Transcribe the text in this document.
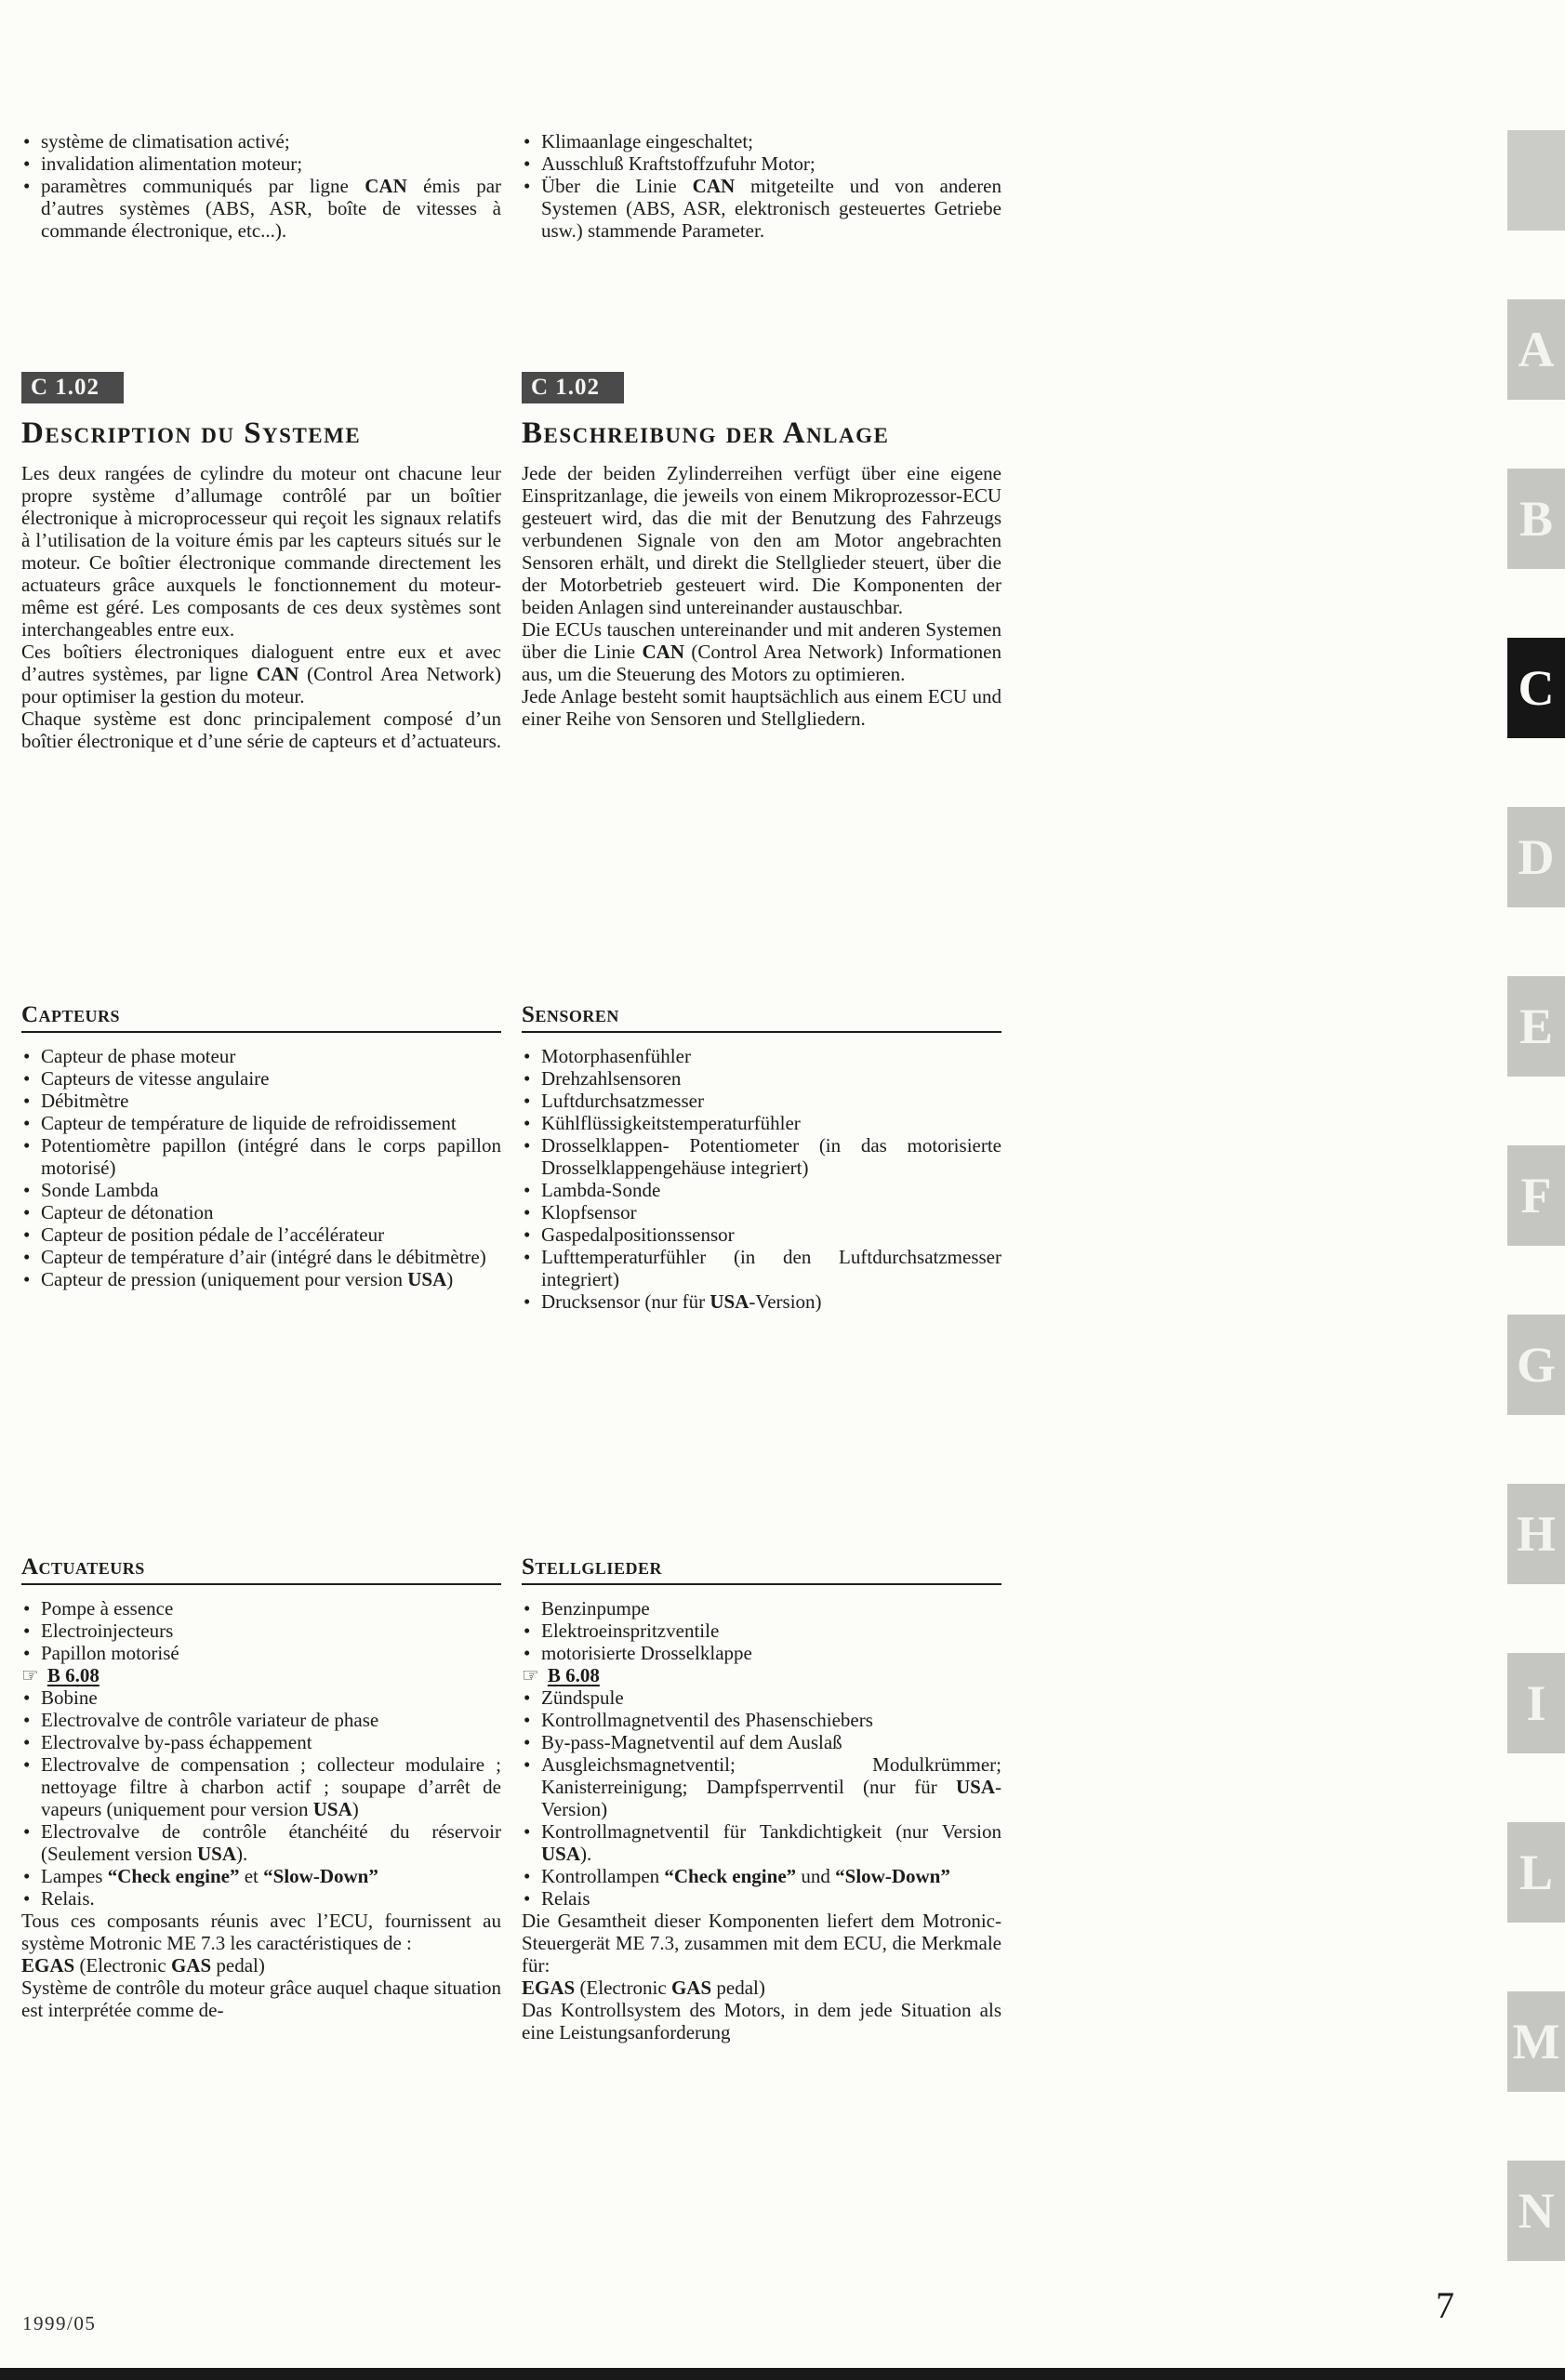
• système de climatisation activé;

• invalidation alimentation moteur;

• paramètres communiqués par ligne CAN émis par d’autres systèmes (ABS, ASR, boîte de vitesses à commande électronique, etc...).

• Klimaanlage eingeschaltet;

• Ausschluß Kraftstoffzufuhr Motor;

• Über die Linie CAN mitgeteilte und von anderen Systemen (ABS, ASR, elektronisch gesteuertes Getriebe usw.) stammende Parameter.

C 1.02
Description du Systeme

Les deux rangées de cylindre du moteur ont chacune leur propre système d’allumage contrôlé par un boîtier électronique à microprocesseur qui reçoit les signaux relatifs à l’utilisation de la voiture émis par les capteurs situés sur le moteur. Ce boîtier électronique commande directement les actuateurs grâce auxquels le fonctionnement du moteur-même est géré. Les composants de ces deux systèmes sont interchangeables entre eux.

Ces boîtiers électroniques dialoguent entre eux et avec d’autres systèmes, par ligne CAN (Control Area Network) pour optimiser la gestion du moteur.

Chaque système est donc principalement composé d’un boîtier électronique et d’une série de capteurs et d’actuateurs.

C 1.02
Beschreibung der Anlage

Jede der beiden Zylinderreihen verfügt über eine eigene Einspritzanlage, die jeweils von einem Mikroprozessor-ECU gesteuert wird, das die mit der Benutzung des Fahrzeugs verbundenen Signale von den am Motor angebrachten Sensoren erhält, und direkt die Stellglieder steuert, über die der Motorbetrieb gesteuert wird. Die Komponenten der beiden Anlagen sind untereinander austauschbar.

Die ECUs tauschen untereinander und mit anderen Systemen über die Linie CAN (Control Area Network) Informationen aus, um die Steuerung des Motors zu optimieren.

Jede Anlage besteht somit hauptsächlich aus einem ECU und einer Reihe von Sensoren und Stellgliedern.

Capteurs

• Capteur de phase moteur

• Capteurs de vitesse angulaire

• Débitmètre

• Capteur de température de liquide de refroidissement

• Potentiomètre papillon (intégré dans le corps papillon motorisé)

• Sonde Lambda

• Capteur de détonation

• Capteur de position pédale de l’accélérateur

• Capteur de température d’air (intégré dans le débitmètre)

• Capteur de pression (uniquement pour version USA)

Sensoren

• Motorphasenfühler

• Drehzahlsensoren

• Luftdurchsatzmesser

• Kühlflüssigkeitstemperaturfühler

• Drosselklappen- Potentiometer (in das motorisierte Drosselklappengehäuse integriert)

• Lambda-Sonde

• Klopfsensor

• Gaspedalpositionssensor

• Lufttemperaturfühler (in den Luftdurchsatzmesser integriert)

• Drucksensor (nur für USA-Version)

Actuateurs

• Pompe à essence

• Electroinjecteurs

• Papillon motorisé

☞ B 6.08

• Bobine

• Electrovalve de contrôle variateur de phase

• Electrovalve by-pass échappement

• Electrovalve de compensation ; collecteur modulaire ; nettoyage filtre à charbon actif ; soupape d’arrêt de vapeurs (uniquement pour version USA)

• Electrovalve de contrôle étanchéité du réservoir (Seulement version USA).

• Lampes “Check engine” et “Slow-Down”

• Relais.

Tous ces composants réunis avec l’ECU, fournissent au système Motronic ME 7.3 les caractéristiques de :

EGAS (Electronic GAS pedal)

Système de contrôle du moteur grâce auquel chaque situation est interprétée comme de-

Stellglieder

• Benzinpumpe

• Elektroeinspritzventile

• motorisierte Drosselklappe

☞ B 6.08

• Zündspule

• Kontrollmagnetventil des Phasenschiebers

• By-pass-Magnetventil auf dem Auslaß

• Ausgleichsmagnetventil; Modulkrümmer; Kanisterreinigung; Dampfsperrventil (nur für USA-Version)

• Kontrollmagnetventil für Tankdichtigkeit (nur Version USA).

• Kontrollampen “Check engine” und “Slow-Down”

• Relais

Die Gesamtheit dieser Komponenten liefert dem Motronic-Steuergerät ME 7.3, zusammen mit dem ECU, die Merkmale für:

EGAS (Electronic GAS pedal)

Das Kontrollsystem des Motors, in dem jede Situation als eine Leistungsanforderung

A
B
C
D
E
F
G
H
I
L
M
N
1999/05	7
